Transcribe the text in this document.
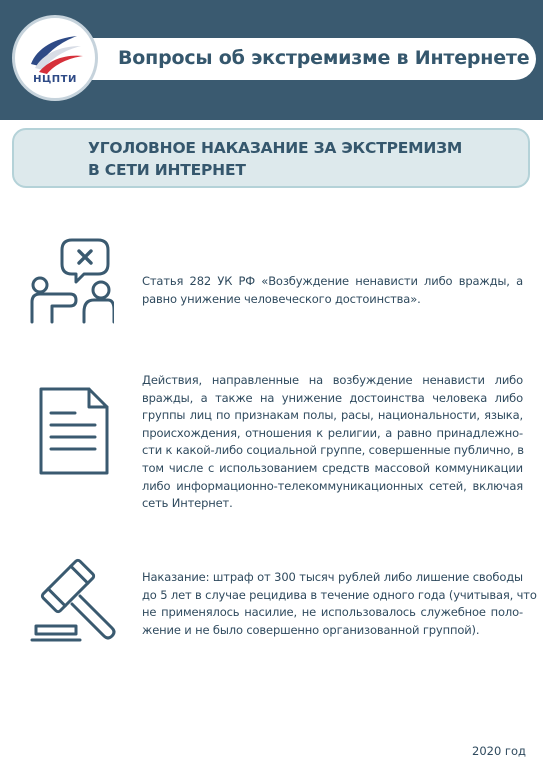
Вопросы об экстремизме в Интернете
НЦПТИ
УГОЛОВНОЕ НАКАЗАНИЕ ЗА ЭКСТРЕМИЗМ
В СЕТИ ИНТЕРНЕТ
Статья 282 УК РФ «Возбуждение ненависти либо вражды, а
равно унижение человеческого достоинства».
Действия, направленные на возбуждение ненависти либо
вражды, а также на унижение достоинства человека либо
группы лиц по признакам полы, расы, национальности, языка,
происхождения, отношения к религии, а равно принадлежно-
сти к какой-либо социальной группе, совершенные публично, в
том числе с использованием средств массовой коммуникации
либо информационно-телекоммуникационных сетей, включая
сеть Интернет.
Наказание: штраф от 300 тысяч рублей либо лишение свободы
до 5 лет в случае рецидива в течение одного года (учитывая, что
не применялось насилие, не использовалось служебное поло-
жение и не было совершенно организованной группой).
2020 год
